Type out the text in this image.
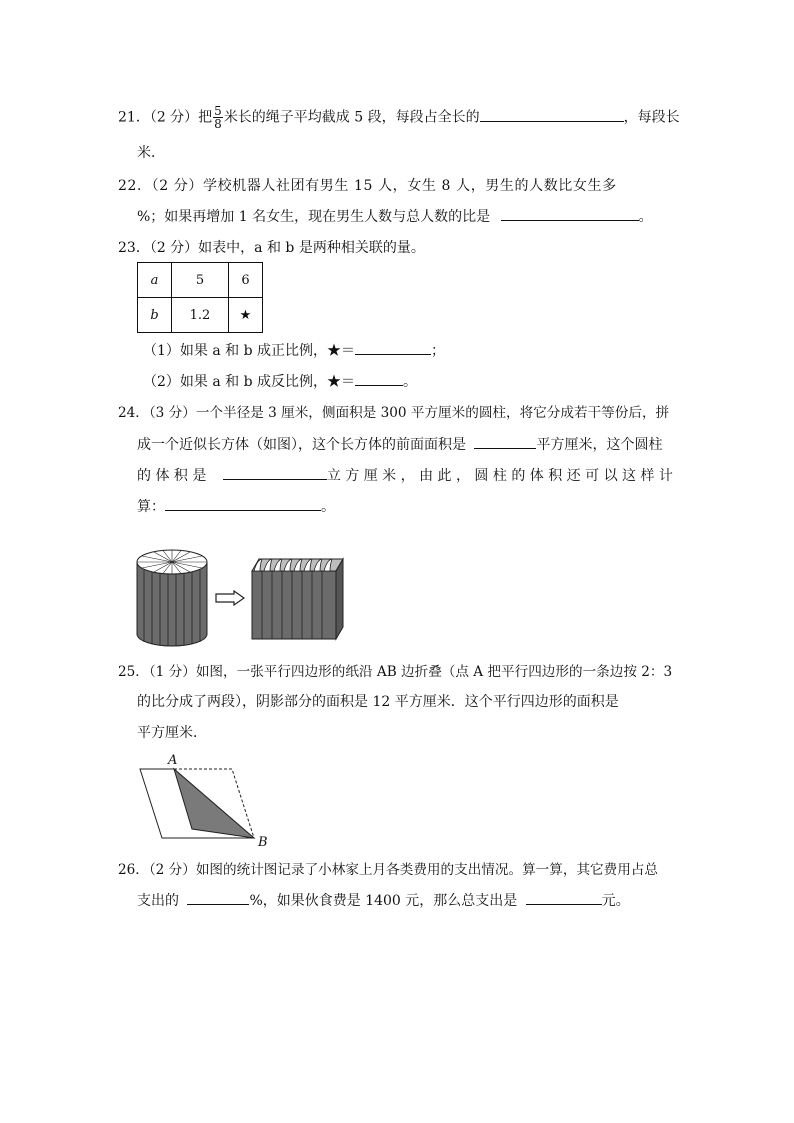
21．（2 分）把 $\frac{5}{8}$ 米长的绳子平均截成 5 段，每段占全长的	，每段长
米．
22．（2 分）学校机器人社团有男生 15 人，女生 8 人，男生的人数比女生多
%；如果再增加 1 名女生，现在男生人数与总人数的比是	。
23．（2 分）如表中，a 和 b 是两种相关联的量。
a	5	6
b	1.2	★
（1）如果 a 和 b 成正比例，★＝	；
（2）如果 a 和 b 成反比例，★＝	。
24．（3 分）一个半径是 3 厘米，侧面积是 300 平方厘米的圆柱，将它分成若干等份后，拼
成一个近似长方体（如图），这个长方体的前面面积是	平方厘米，这个圆柱
的 体 积 是	立 方 厘 米 ， 由 此 ， 圆 柱 的 体 积 还 可 以 这 样 计
算：	。
25．（1 分）如图，一张平行四边形的纸沿 AB 边折叠（点 A 把平行四边形的一条边按 2：3
的比分成了两段），阴影部分的面积是 12 平方厘米．这个平行四边形的面积是
平方厘米．
A
B
26．（2 分）如图的统计图记录了小林家上月各类费用的支出情况。算一算，其它费用占总
支出的	%，如果伙食费是 1400 元，那么总支出是	元。
